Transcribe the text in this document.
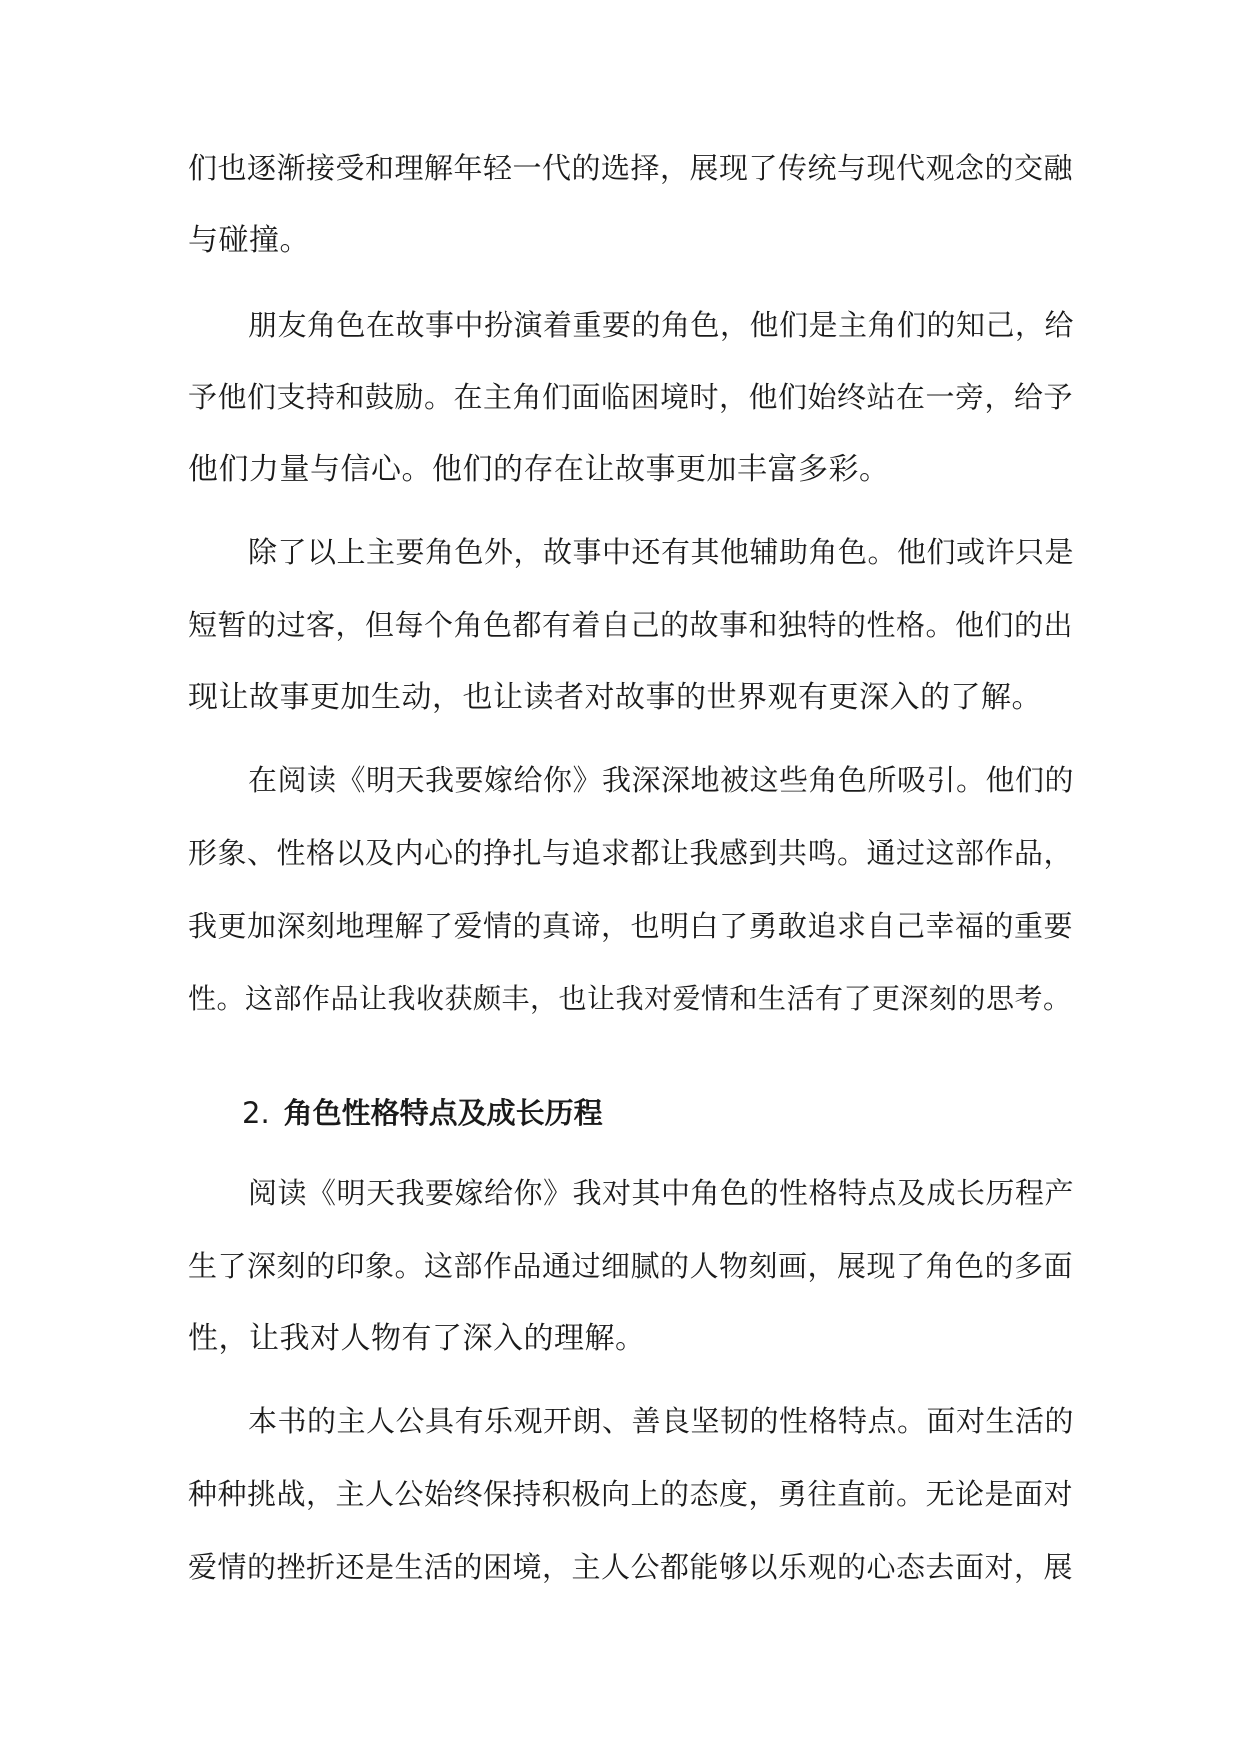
们也逐渐接受和理解年轻一代的选择，展现了传统与现代观念的交融
与碰撞。
朋友角色在故事中扮演着重要的角色，他们是主角们的知己，给
予他们支持和鼓励。在主角们面临困境时，他们始终站在一旁，给予
他们力量与信心。他们的存在让故事更加丰富多彩。
除了以上主要角色外，故事中还有其他辅助角色。他们或许只是
短暂的过客，但每个角色都有着自己的故事和独特的性格。他们的出
现让故事更加生动，也让读者对故事的世界观有更深入的了解。
在阅读《明天我要嫁给你》我深深地被这些角色所吸引。他们的
形象、性格以及内心的挣扎与追求都让我感到共鸣。通过这部作品，
我更加深刻地理解了爱情的真谛，也明白了勇敢追求自己幸福的重要
性。这部作品让我收获颇丰，也让我对爱情和生活有了更深刻的思考。
2. 角色性格特点及成长历程
阅读《明天我要嫁给你》我对其中角色的性格特点及成长历程产
生了深刻的印象。这部作品通过细腻的人物刻画，展现了角色的多面
性，让我对人物有了深入的理解。
本书的主人公具有乐观开朗、善良坚韧的性格特点。面对生活的
种种挑战，主人公始终保持积极向上的态度，勇往直前。无论是面对
爱情的挫折还是生活的困境，主人公都能够以乐观的心态去面对，展
